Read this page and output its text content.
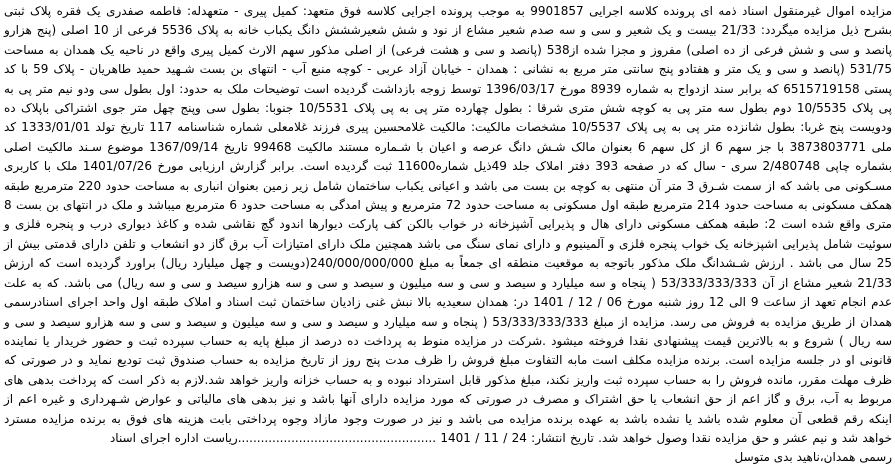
مزایده اموال غیرمنقول اسناد ذمه ای پرونده کلاسه اجرایی 9901857 به موجب پرونده اجرایی کلاسه فوق متعهد: کمیل پیری - متعهدله: فاطمه صفدری یک فقره پلاک ثبتی بشرح ذیل مزایده میگردد: 21/33 بیست و یک شعیر و سی و سه صدم شعیر مشاع از نود و شش شعیرششش دانگ یکباب خانه به پلاک 5536 فرعی از 10 اصلی (پنج هزارو پانصد و سی و شش فرعی از ده اصلی) مفروز و مجزا شده از538 (پانصد و سی و هشت فرعی) از اصلی مذکور سهم الارث کمیل پیری واقع در ناحیه یک همدان به مساحت 531/75 (پانصد و سی و یک متر و هفتادو پنج سانتی متر مربع به نشانی : همدان - خیابان آزاد عربی - کوچه منبع آب - انتهای بن بست شـهید حمید طاهریان - پلاک 59 با کد پستی 6515719158 که برابر سند ازدواج به شماره 8939 مورخ 1396/03/17 توسط زوجه بازداشت گردیده است توضیحات ملک به حدود: اول بطول سی ودو نیم متر پی به پی پلاک 10/5535 دوم بطول سه متر پی به کوچه شش متری شرقا : بطول چهارده متر پی به پی پلاک 10/5531 جنوبا: بطول سی وپنج چهل متر جوی اشتراکی باپلاک ده ودویست پنج غربا: بطول شانزده متر پی به پی پلاک 10/5537 مشخصات مالکیت: مالکیت غلامحسین پیری فرزند غلامعلی شماره شناسنامه 117 تاریخ تولد 1333/01/01 کد ملی 3873803771 با جز سهم 6 از کل سهم 6 بعنوان مالک شـش دانگ عرصه و اعیان با شـماره مستند مالکیت 99468 تاریخ 1367/09/14 موضوع سـند مالکیت اصلی بشماره چاپی 2/480748 سری - سال که در صفحه 393 دفتر املاک جلد 49ذیل شماره11600 ثبت گردیده است. برابر گزارش ارزیابی مورخ 1401/07/26 ملک با کاربری مسـکونی می باشد که از سمت شـرق 3 متر آن منتهی به کوچه بن بست می باشد و اعیانی یکباب ساختمان شامل زیر زمین بعنوان انباری به مساحت حدود 220 مترمربع طبقه همکف مسکونی به مساحت حدود 214 مترمربع طبقه اول مسکونی به مساحت حدود 72 مترمربع و پیش امدگی به مساحت حدود 6 مترمربع میباشد و ملک در انتهای بن بست 8 متری واقع شده است 2: طبقه همکف مسکونی دارای هال و پذیرایی آشپزخانه در خواب بالکن کف پارکت دیوارها اندود گچ نقاشی شده و کاغذ دیواری درب و پنجره فلزی و سوئیت شامل پذیرایی اشپزخانه یک خواب پنجره فلزی و آلمینیوم و دارای نمای سنگ می باشد همچنین ملک دارای امتیازات آب برق گاز دو انشعاب و تلفن دارای قدمتی بیش از 25 سال می باشد . ارزش شـشدانگ ملک مذکور باتوجه به موقعیت منطقه ای جمعاً به مبلغ 240/000/000/000(دویست و چهل میلیارد ریال) براورد گردیده است که ارزش 21/33 شعیر مشاع از آن 53/333/333/333 ( پنجاه و سه میلیارد و سیصد و سی و سه میلیون و سیصد و سی و سه هزارو سیصد و سی و سه ریال) می باشد. که به علت عدم انجام تعهد از ساعت 9 الی 12 روز شنبه مورخ 06 / 12 / 1401 در: همدان سعیدیه بالا نبش غنی زادیان ساختمان ثبت اسناد و املاک طبقه اول واحد اجرای اسنادرسمی همدان از طریق مزایده به فروش می رسد. مزایده از مبلغ 53/333/333/333 ( پنجاه و سه میلیارد و سیصد و سی و سه میلیون و سیصد و سی و سه هزارو سیصد و سی و سه ریال ) شروع و به بالاترین قیمت پیشنهادی نقدا فروخته میشود .شرکت در مزایده منوط به پرداخت ده درصد از مبلغ پایه به حساب سپرده ثبت و حضور خریدار یا نماینده قانونی او در جلسه مزایده است. برنده مزایده مکلف است مابه التفاوت مبلغ فروش را ظرف مدت پنج روز از تاریخ مزایده به حساب صندوق ثبت تودیع نماید و در صورتی که ظرف مهلت مقرر، مانده فروش را به حساب سپرده ثبت واریز نکند، مبلغ مذکور قابل استرداد نبوده و به حساب خزانه واریز خواهد شد.لازم به ذکر است که پرداخت بدهی های مربوط به آب، برق و گاز اعم از حق انشعاب یا حق اشتراک و مصرف در صورتی که مورد مزایده دارای آنها باشد و نیز بدهی های مالیاتی و عوارض شـهرداری و غیره اعم از اینکه رقم قطعی آن معلوم شده باشد یا نشده باشد به عهده برنده مزایده می باشد و نیز در صورت وجود مازاد وجوه پرداختی بابت هزینه های فوق به برنده مزایده مسترد خواهد شد و نیم عشر و حق مزایده نقدا وصول خواهد شد. تاریخ انتشار: 24 / 11 / 1401 ....................................................رياست اداره اجرای اسناد

رسمی همدان،ناهید بدی متوسل
